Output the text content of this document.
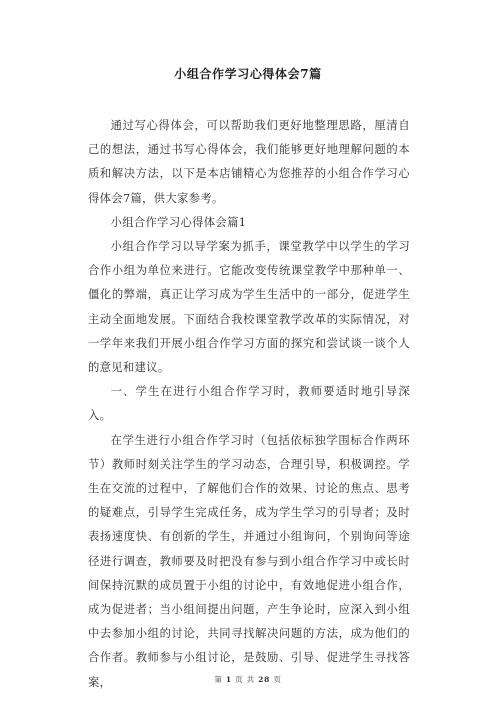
小组合作学习心得体会7篇

通过写心得体会，可以帮助我们更好地整理思路，厘清自己的想法，通过书写心得体会，我们能够更好地理解问题的本质和解决方法，以下是本店铺精心为您推荐的小组合作学习心得体会7篇，供大家参考。

小组合作学习心得体会篇1

小组合作学习以导学案为抓手，课堂教学中以学生的学习合作小组为单位来进行。它能改变传统课堂教学中那种单一、僵化的弊端，真正让学习成为学生生活中的一部分，促进学生主动全面地发展。下面结合我校课堂教学改革的实际情况，对一学年来我们开展小组合作学习方面的探究和尝试谈一谈个人的意见和建议。

一、学生在进行小组合作学习时，教师要适时地引导深入。

在学生进行小组合作学习时（包括依标独学围标合作两环节）教师时刻关注学生的学习动态，合理引导，积极调控。学生在交流的过程中，了解他们合作的效果、讨论的焦点、思考的疑难点，引导学生完成任务，成为学生学习的引导者；及时表扬速度快、有创新的学生，并通过小组询问，个别询问等途径进行调查，教师要及时把没有参与到小组合作学习中或长时间保持沉默的成员置于小组的讨论中，有效地促进小组合作，成为促进者；当小组间提出问题，产生争论时，应深入到小组中去参加小组的讨论，共同寻找解决问题的方法，成为他们的合作者。教师参与小组讨论，是鼓励、引导、促进学生寻找答案，	第 1 页 共 28 页
